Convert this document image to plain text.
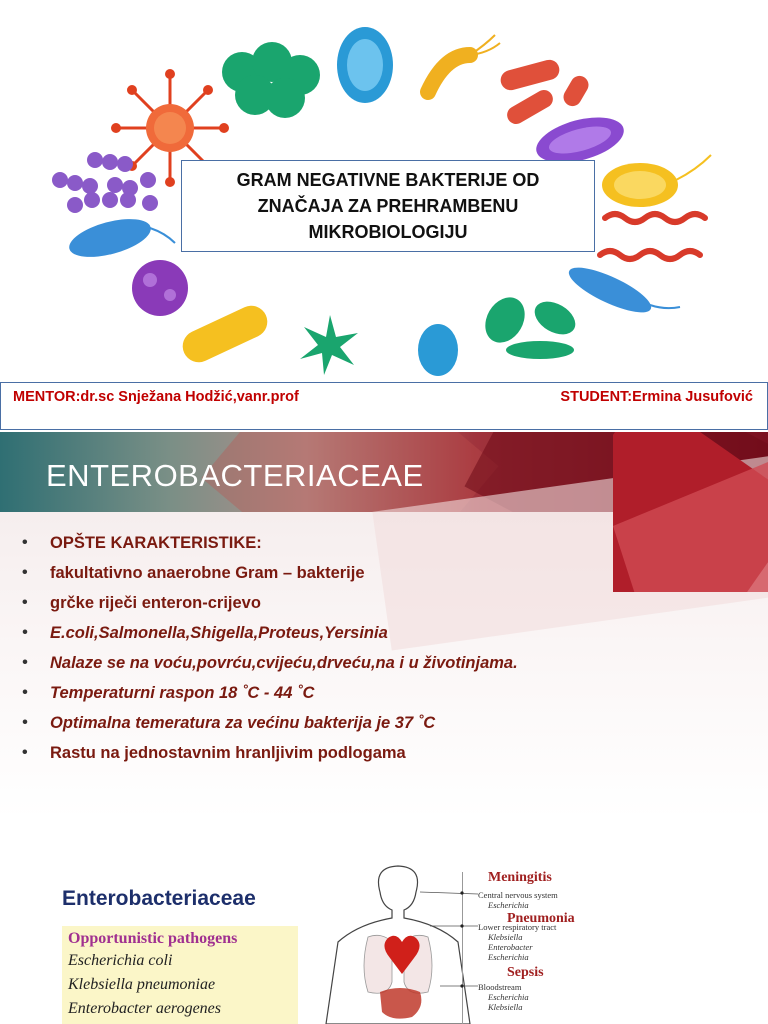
GRAM NEGATIVNE BAKTERIJE OD ZNAČAJA ZA PREHRAMBENU MIKROBIOLOGIJU
MENTOR:dr.sc Snježana Hodžić,vanr.prof	STUDENT:Ermina Jusufović
ENTEROBACTERIACEAE
• OPŠTE KARAKTERISTIKE:
• fakultativno anaerobne Gram – bakterije
• grčke riječi enteron-crijevo
• E.coli,Salmonella,Shigella,Proteus,Yersinia
• Nalaze se na voću,povrću,cvijeću,drveću,na i u životinjama.
• Temperaturni raspon 18 ˚C - 44 ˚C
• Optimalna temeratura za većinu bakterija je 37 ˚C
• Rastu na jednostavnim hranljivim podlogama
Enterobacteriaceae
Opportunistic pathogens
Escherichia coli
Klebsiella pneumoniae
Enterobacter aerogenes
Meningitis
Central nervous system
Escherichia
Pneumonia
Lower respiratory tract
Klebsiella
Enterobacter
Escherichia
Sepsis
Bloodstream
Escherichia
Klebsiella
